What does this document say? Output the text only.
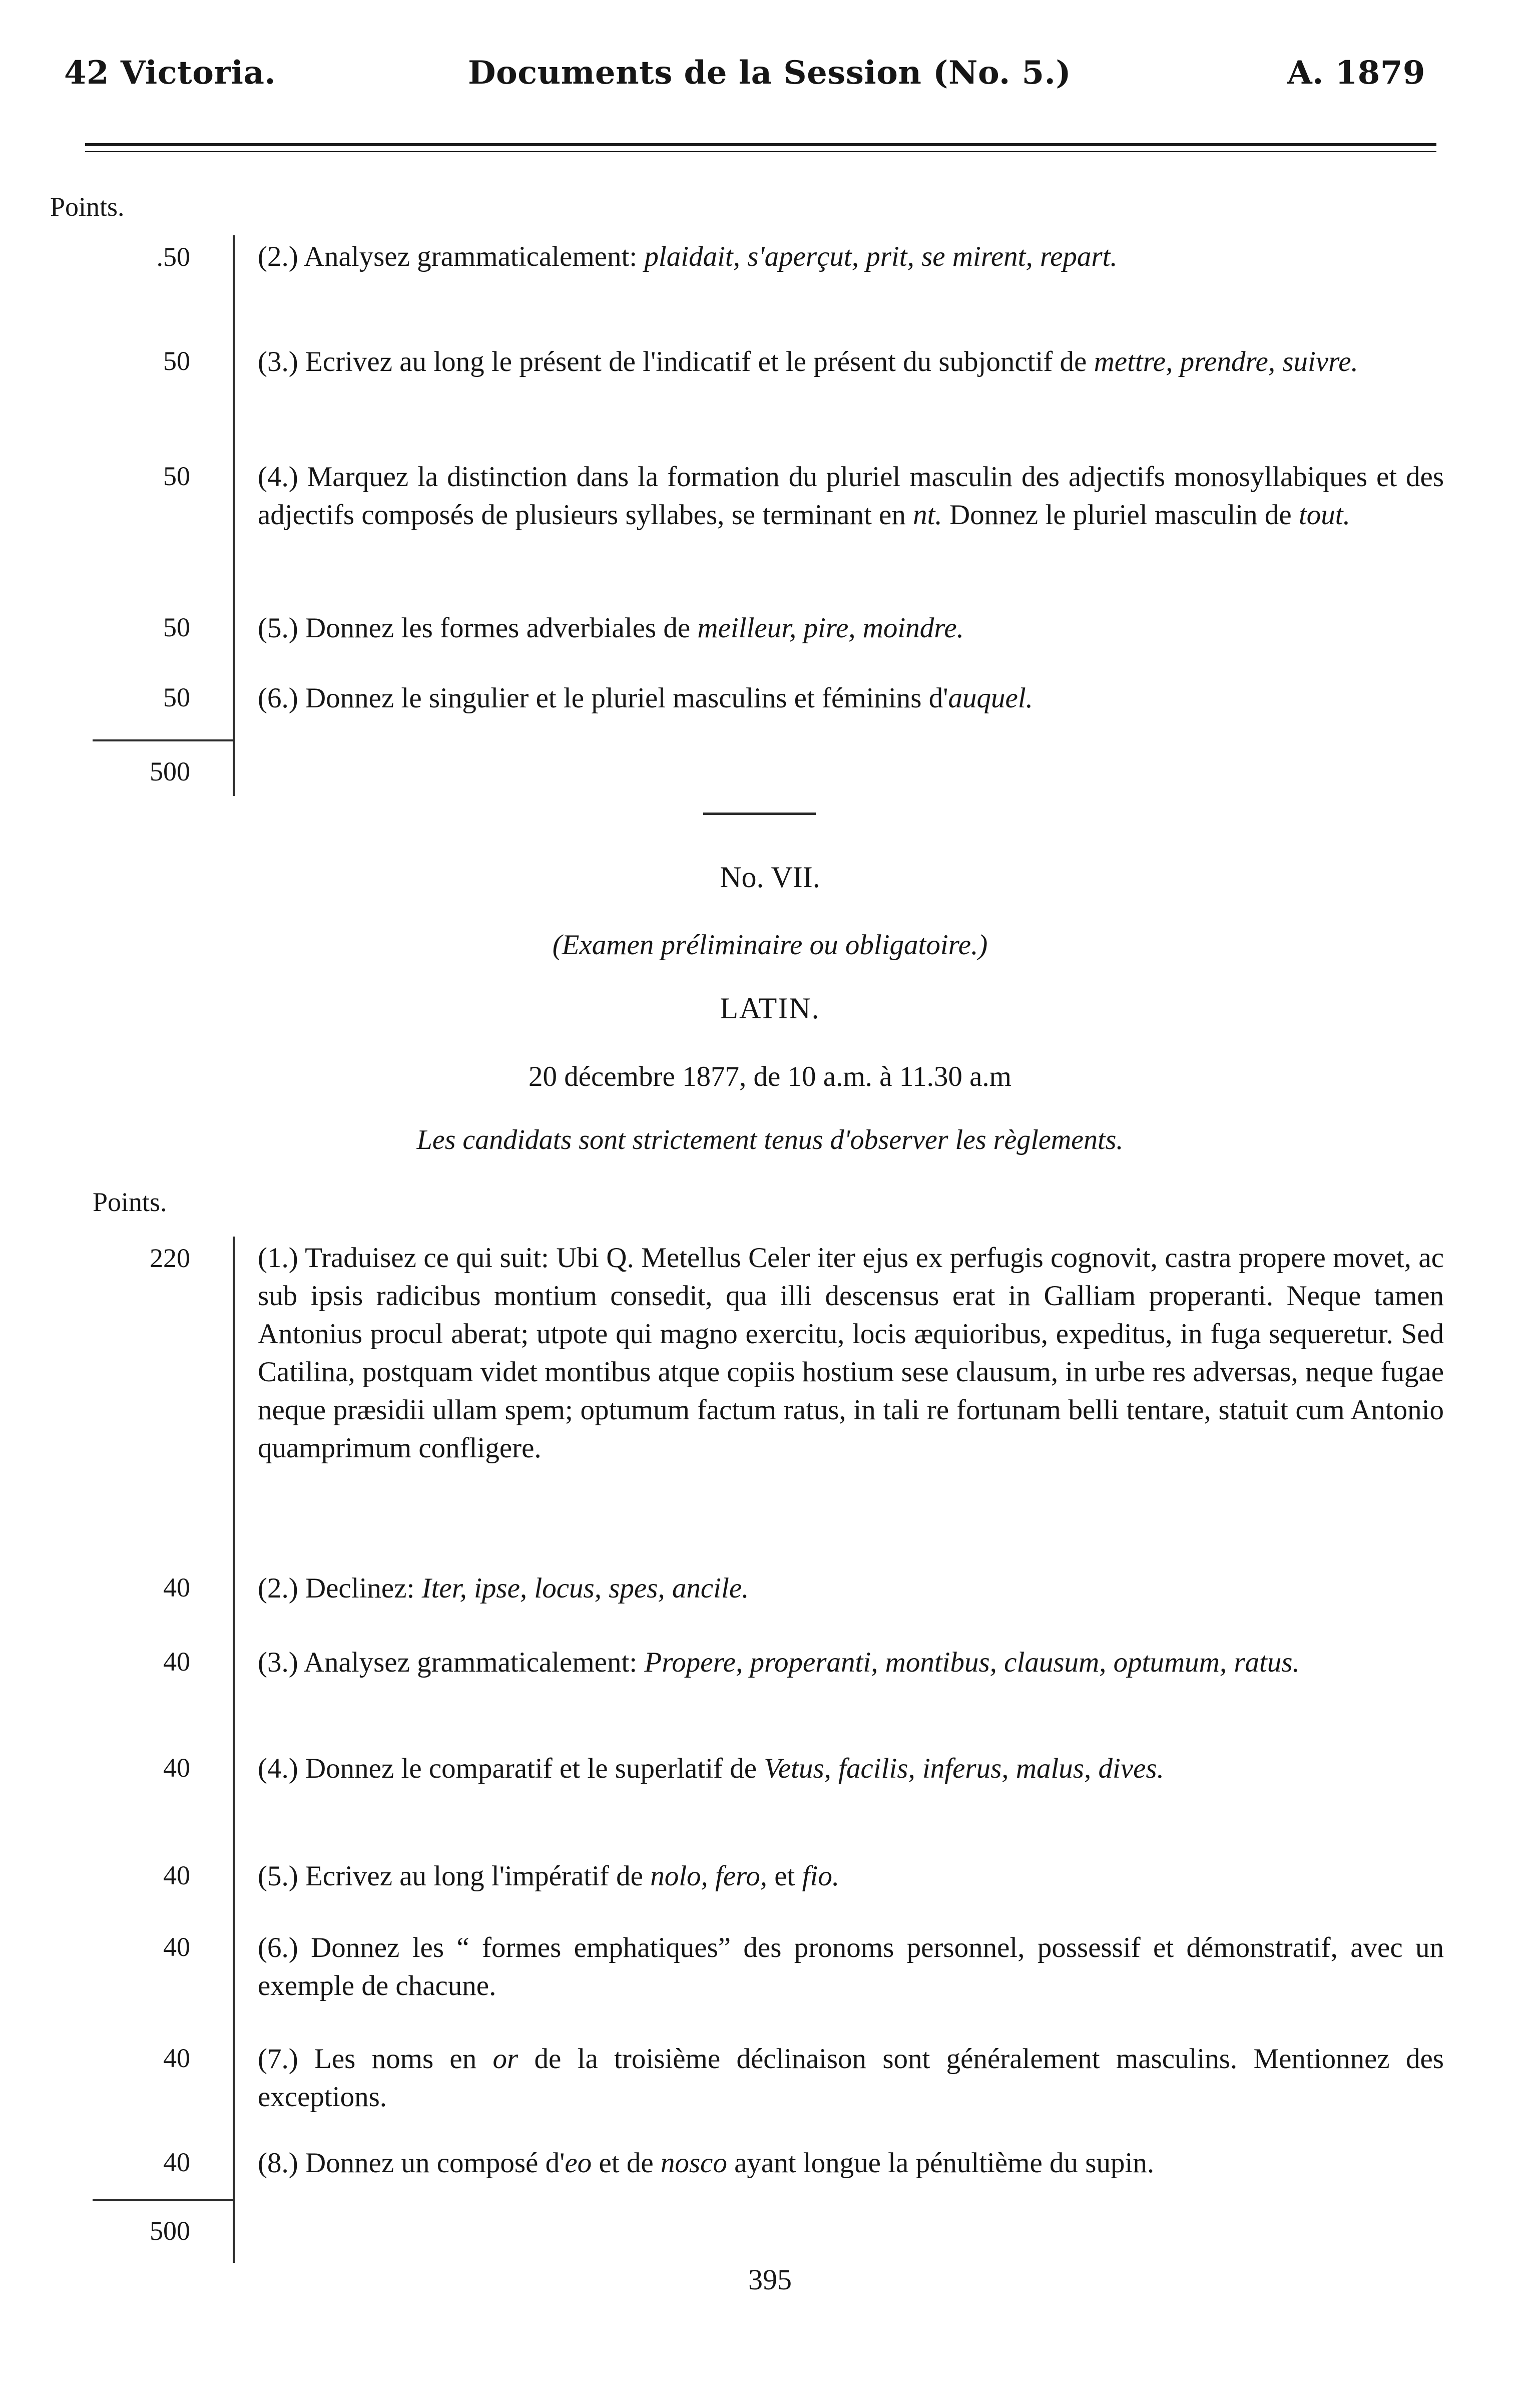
42 Victoria.	Documents de la Session (No. 5.)	A. 1879
Points.
.50 (2.) Analysez grammaticalement: plaidait, s'aperçut, prit, se mirent, repart.
50 (3.) Ecrivez au long le présent de l'indicatif et le présent du subjonctif de mettre, prendre, suivre.
50 (4.) Marquez la distinction dans la formation du pluriel masculin des adjectifs monosyllabiques et des adjectifs composés de plusieurs syllabes, se terminant en nt. Donnez le pluriel masculin de tout.
50 (5.) Donnez les formes adverbiales de meilleur, pire, moindre.
50 (6.) Donnez le singulier et le pluriel masculins et féminins d'auquel.
500
No. VII.
(Examen préliminaire ou obligatoire.)
LATIN.
20 décembre 1877, de 10 a.m. à 11.30 a.m
Les candidats sont strictement tenus d'observer les règlements.
Points.
220 (1.) Traduisez ce qui suit: Ubi Q. Metellus Celer iter ejus ex perfugis cognovit, castra propere movet, ac sub ipsis radicibus montium consedit, qua illi descensus erat in Galliam properanti. Neque tamen Antonius procul aberat; utpote qui magno exercitu, locis æquioribus, expeditus, in fuga sequeretur. Sed Catilina, postquam videt montibus atque copiis hostium sese clausum, in urbe res adversas, neque fugae neque præsidii ullam spem; optumum factum ratus, in tali re fortunam belli tentare, statuit cum Antonio quamprimum confligere.
40 (2.) Declinez: Iter, ipse, locus, spes, ancile.
40 (3.) Analysez grammaticalement: Propere, properanti, montibus, clausum, optumum, ratus.
40 (4.) Donnez le comparatif et le superlatif de Vetus, facilis, inferus, malus, dives.
40 (5.) Ecrivez au long l'impératif de nolo, fero, et fio.
40 (6.) Donnez les “ formes emphatiques” des pronoms personnel, possessif et démonstratif, avec un exemple de chacune.
40 (7.) Les noms en or de la troisième déclinaison sont généralement masculins. Mentionnez des exceptions.
40 (8.) Donnez un composé d'eo et de nosco ayant longue la pénultième du supin.
500
395
